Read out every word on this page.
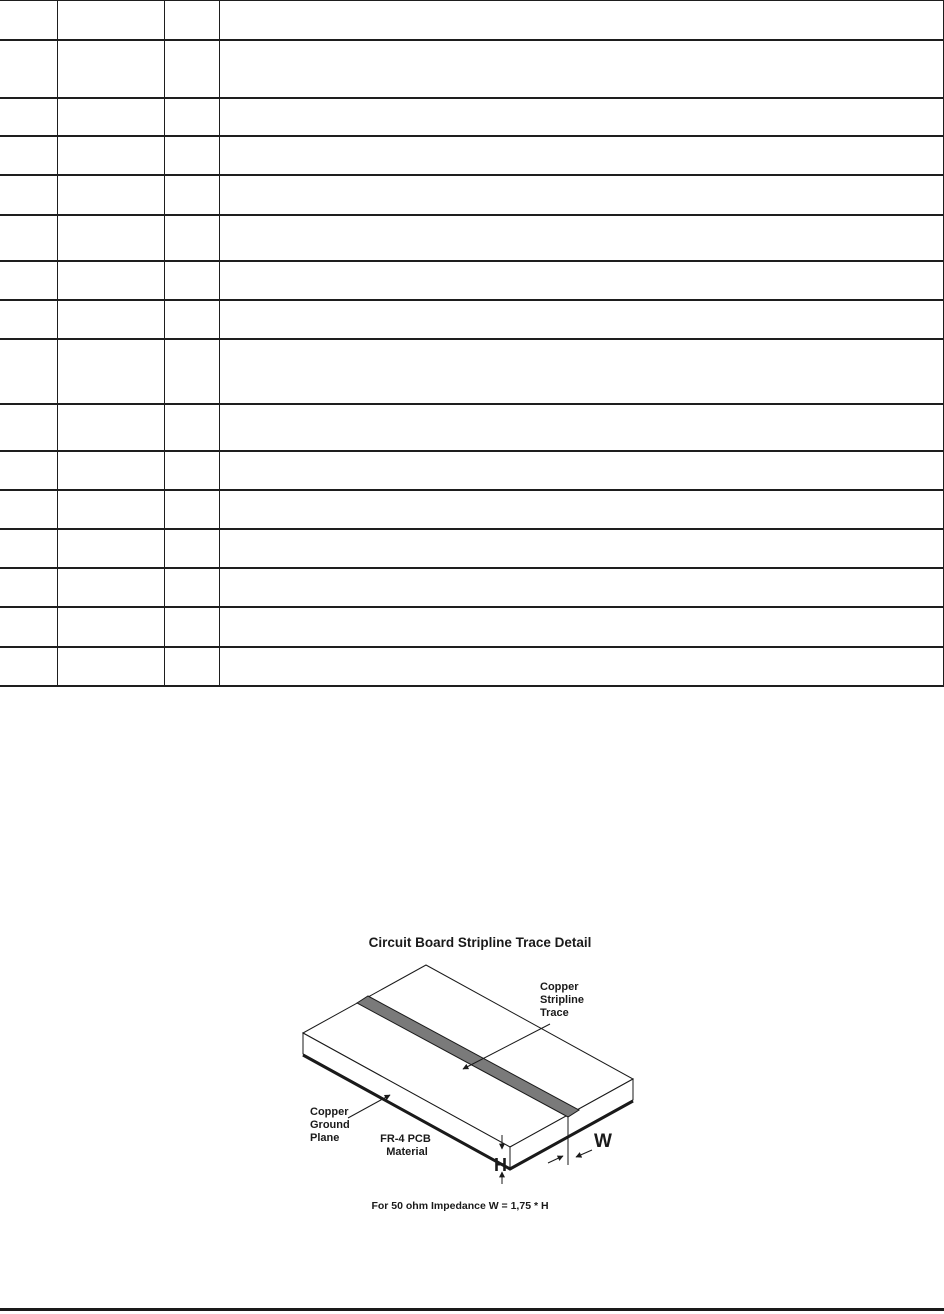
Circuit Board Stripline Trace Detail
Copper Stripline Trace
Copper Ground Plane	FR-4 PCB Material
H
W
For 50 ohm Impedance W = 1,75 * H
